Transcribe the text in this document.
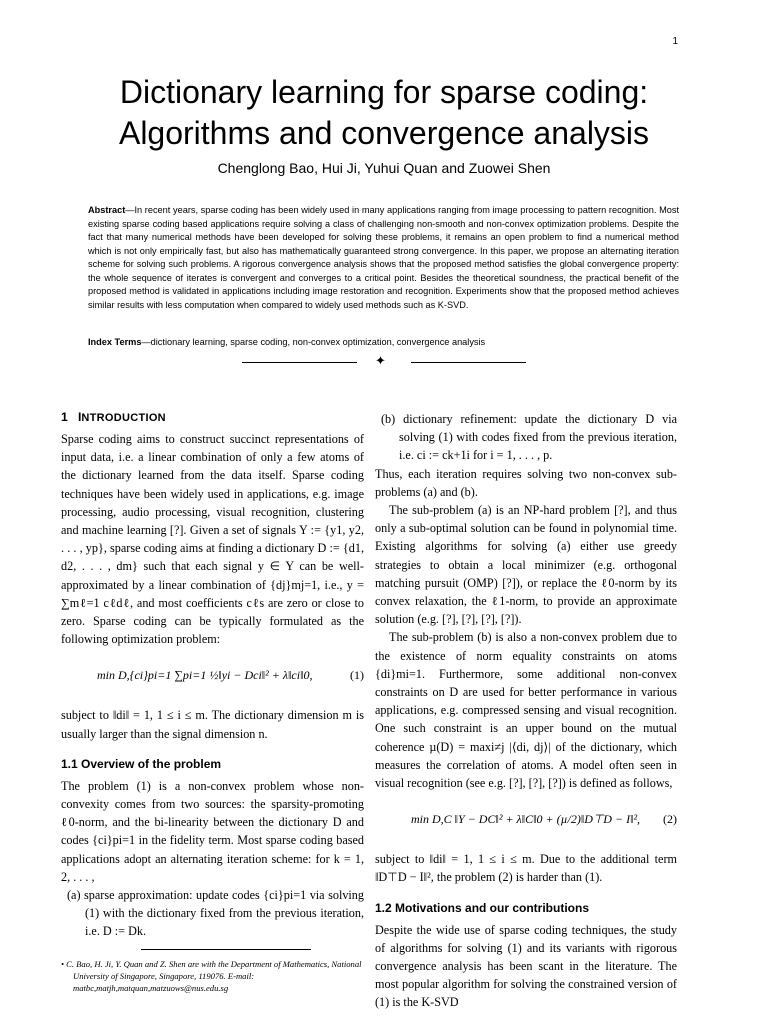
1
Dictionary learning for sparse coding:
Algorithms and convergence analysis
Chenglong Bao, Hui Ji, Yuhui Quan and Zuowei Shen
Abstract—In recent years, sparse coding has been widely used in many applications ranging from image processing to pattern recognition. Most existing sparse coding based applications require solving a class of challenging non-smooth and non-convex optimization problems. Despite the fact that many numerical methods have been developed for solving these problems, it remains an open problem to find a numerical method which is not only empirically fast, but also has mathematically guaranteed strong convergence. In this paper, we propose an alternating iteration scheme for solving such problems. A rigorous convergence analysis shows that the proposed method satisfies the global convergence property: the whole sequence of iterates is convergent and converges to a critical point. Besides the theoretical soundness, the practical benefit of the proposed method is validated in applications including image restoration and recognition. Experiments show that the proposed method achieves similar results with less computation when compared to widely used methods such as K-SVD.
Index Terms—dictionary learning, sparse coding, non-convex optimization, convergence analysis
✦
1 INTRODUCTION

Sparse coding aims to construct succinct representations of input data, i.e. a linear combination of only a few atoms of the dictionary learned from the data itself. Sparse coding techniques have been widely used in applications, e.g. image processing, audio processing, visual recognition, clustering and machine learning [?]. Given a set of signals Y := {y1, y2, . . . , yp}, sparse coding aims at finding a dictionary D := {d1, d2, . . . , dm} such that each signal y ∈ Y can be well-approximated by a linear combination of {dj}mj=1, i.e., y = ∑mℓ=1 cℓdℓ, and most coefficients cℓs are zero or close to zero. Sparse coding can be typically formulated as the following optimization problem:

min D,{ci}pi=1 ∑pi=1 ½‖yi − Dci‖² + λ‖ci‖0,	(1)

subject to ‖di‖ = 1, 1 ≤ i ≤ m. The dictionary dimension m is usually larger than the signal dimension n.

1.1 Overview of the problem

The problem (1) is a non-convex problem whose non-convexity comes from two sources: the sparsity-promoting ℓ0-norm, and the bi-linearity between the dictionary D and codes {ci}pi=1 in the fidelity term. Most sparse coding based applications adopt an alternating iteration scheme: for k = 1, 2, . . . ,

(a) sparse approximation: update codes {ci}pi=1 via solving (1) with the dictionary fixed from the previous iteration, i.e. D := Dk.

• C. Bao, H. Ji, Y. Quan and Z. Shen are with the Department of Mathematics, National University of Singapore, Singapore, 119076. E-mail: matbc,matjh,matquan,matzuows@nus.edu.sg

(b) dictionary refinement: update the dictionary D via solving (1) with codes fixed from the previous iteration, i.e. ci := ck+1i for i = 1, . . . , p.

Thus, each iteration requires solving two non-convex sub-problems (a) and (b).

The sub-problem (a) is an NP-hard problem [?], and thus only a sub-optimal solution can be found in polynomial time. Existing algorithms for solving (a) either use greedy strategies to obtain a local minimizer (e.g. orthogonal matching pursuit (OMP) [?]), or replace the ℓ0-norm by its convex relaxation, the ℓ1-norm, to provide an approximate solution (e.g. [?], [?], [?], [?]).

The sub-problem (b) is also a non-convex problem due to the existence of norm equality constraints on atoms {di}mi=1. Furthermore, some additional non-convex constraints on D are used for better performance in various applications, e.g. compressed sensing and visual recognition. One such constraint is an upper bound on the mutual coherence µ(D) = maxi≠j |⟨di, dj⟩| of the dictionary, which measures the correlation of atoms. A model often seen in visual recognition (see e.g. [?], [?], [?]) is defined as follows,

min D,C ‖Y − DC‖² + λ‖C‖0 + (µ/2)‖D⊤D − I‖², (2)

subject to ‖di‖ = 1, 1 ≤ i ≤ m. Due to the additional term ‖D⊤D − I‖², the problem (2) is harder than (1).

1.2 Motivations and our contributions

Despite the wide use of sparse coding techniques, the study of algorithms for solving (1) and its variants with rigorous convergence analysis has been scant in the literature. The most popular algorithm for solving the constrained version of (1) is the K-SVD
